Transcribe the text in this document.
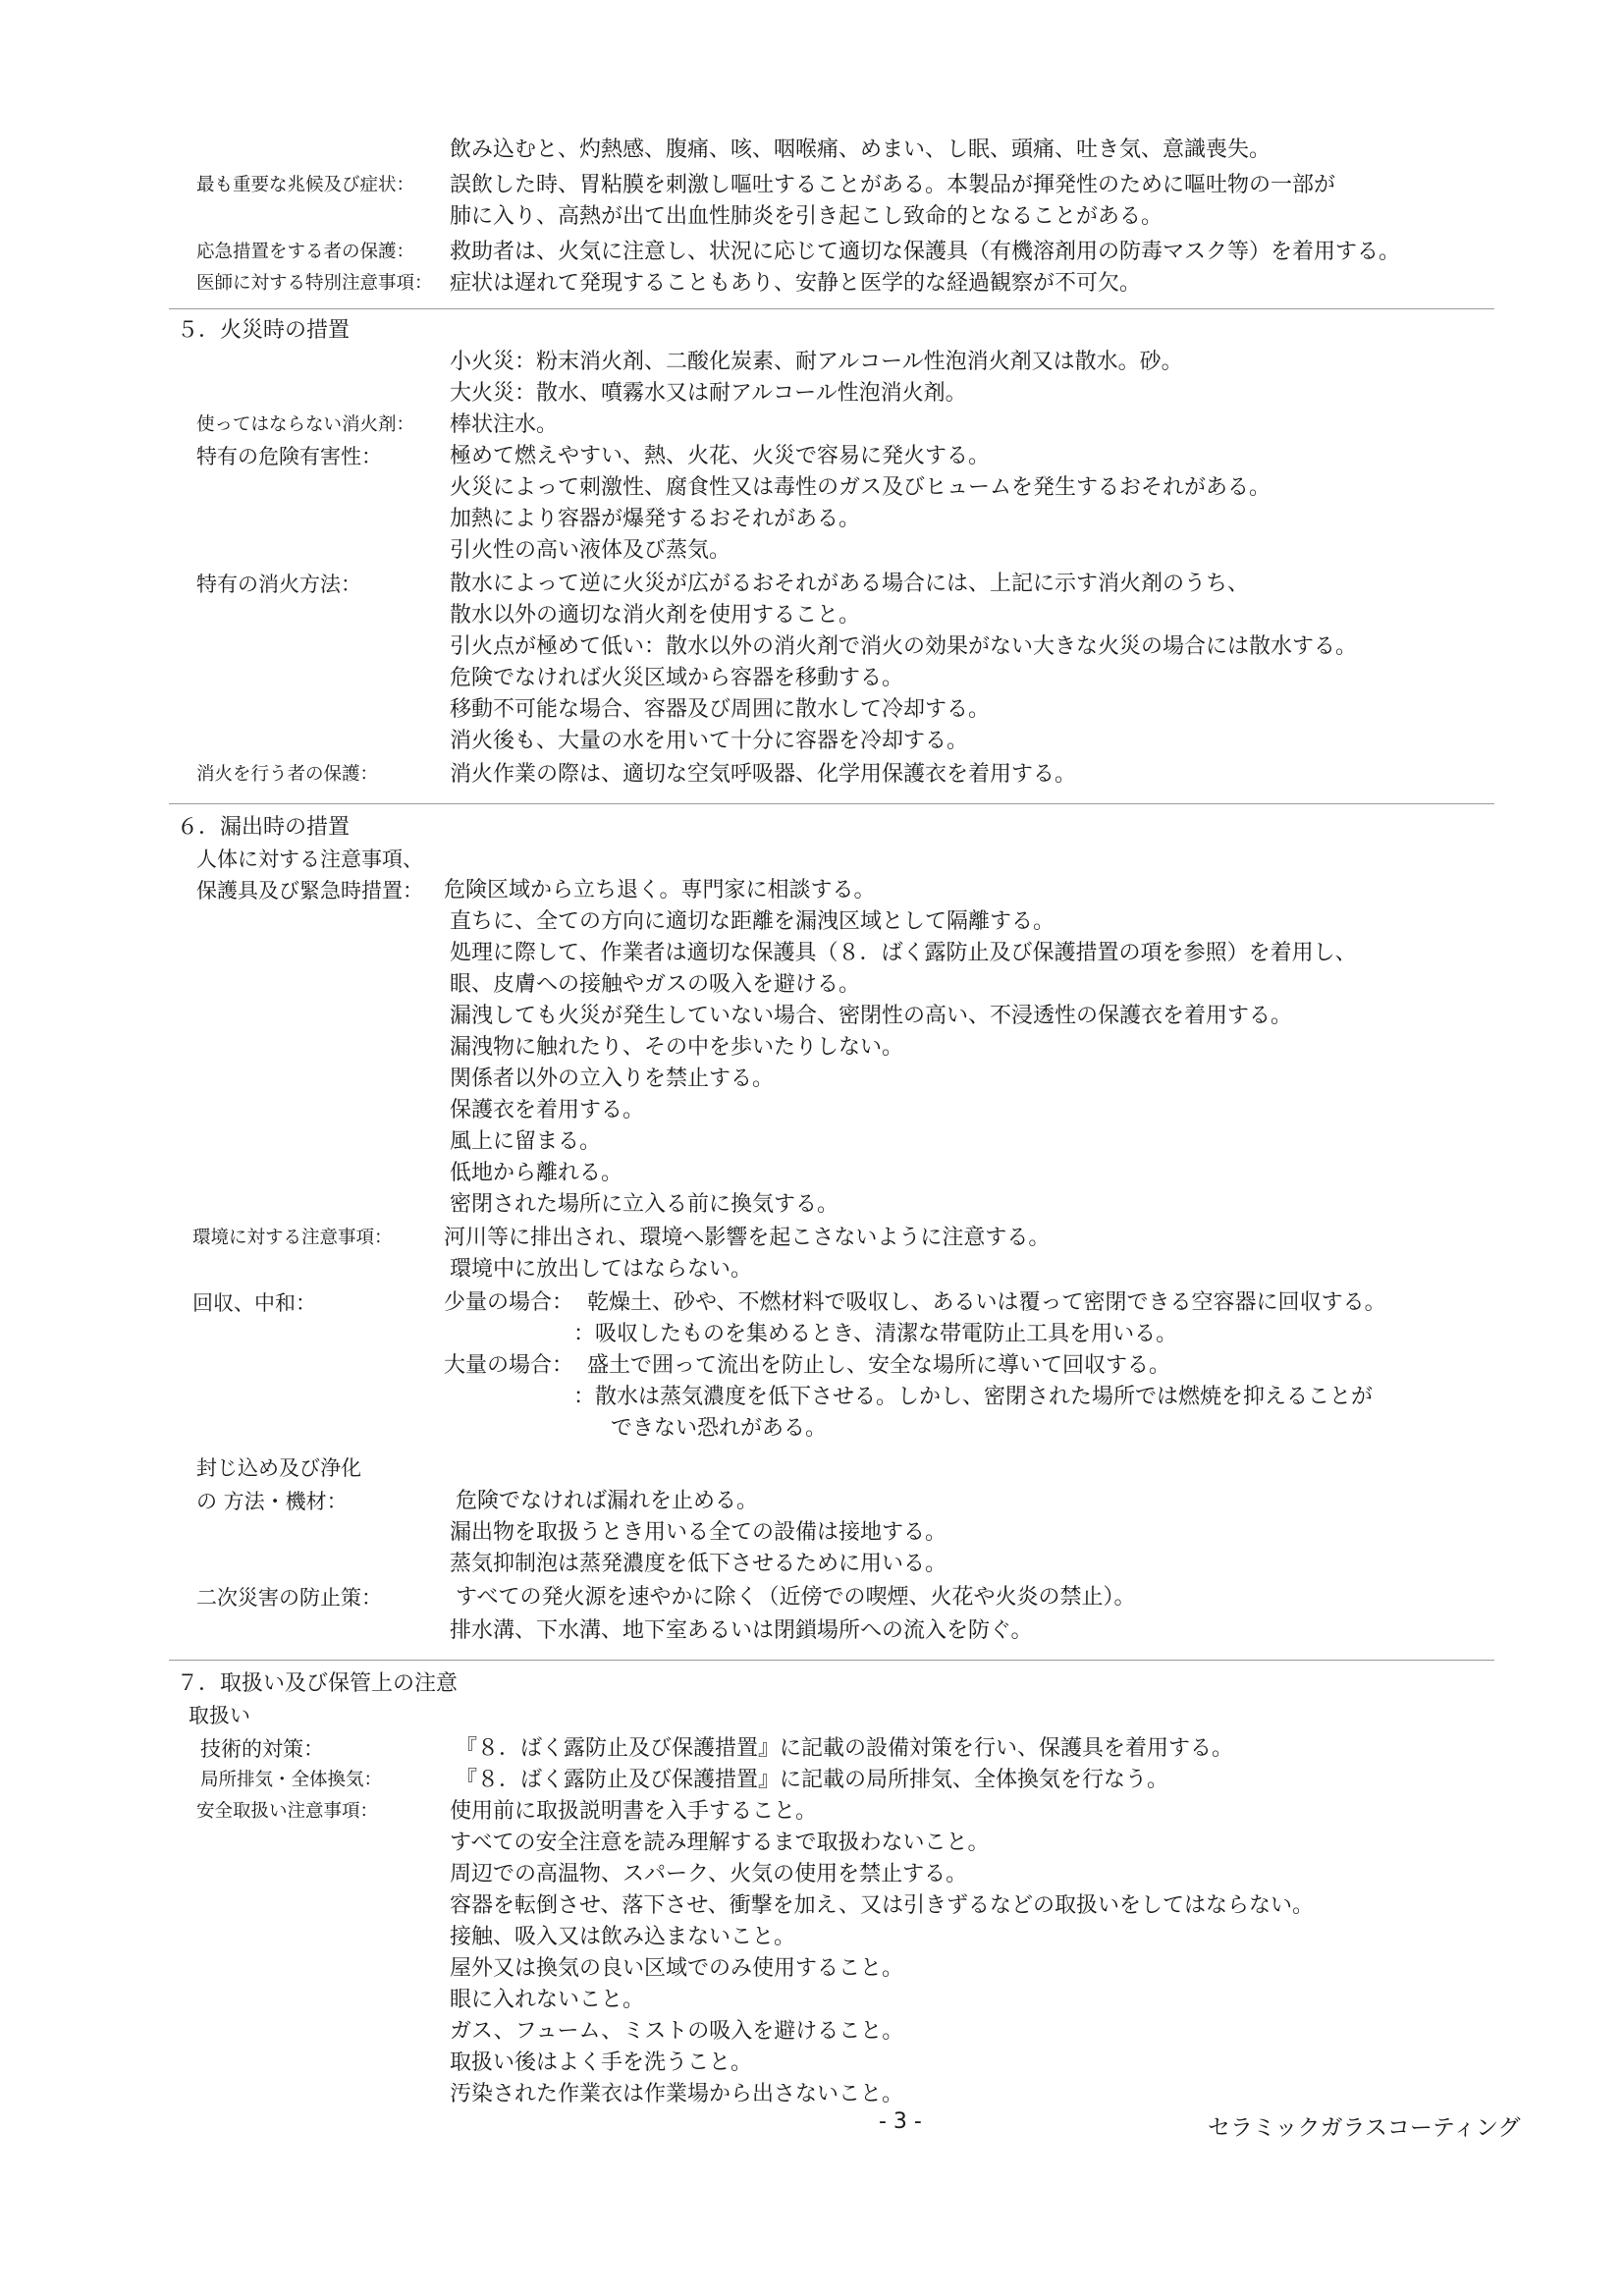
飲み込むと、灼熱感、腹痛、咳、咽喉痛、めまい、し眠、頭痛、吐き気、意識喪失。
最も重要な兆候及び症状： 誤飲した時、胃粘膜を刺激し嘔吐することがある。本製品が揮発性のために嘔吐物の一部が
肺に入り、高熱が出て出血性肺炎を引き起こし致命的となることがある。
応急措置をする者の保護： 救助者は、火気に注意し、状況に応じて適切な保護具（有機溶剤用の防毒マスク等）を着用する。
医師に対する特別注意事項： 症状は遅れて発現することもあり、安静と医学的な経過観察が不可欠。
５．火災時の措置
小火災：粉末消火剤、二酸化炭素、耐アルコール性泡消火剤又は散水。砂。
大火災：散水、噴霧水又は耐アルコール性泡消火剤。
使ってはならない消火剤： 棒状注水。
特有の危険有害性：	極めて燃えやすい、熱、火花、火災で容易に発火する。
火災によって刺激性、腐食性又は毒性のガス及びヒュームを発生するおそれがある。
加熱により容器が爆発するおそれがある。
引火性の高い液体及び蒸気。
特有の消火方法：	散水によって逆に火災が広がるおそれがある場合には、上記に示す消火剤のうち、
散水以外の適切な消火剤を使用すること。
引火点が極めて低い：散水以外の消火剤で消火の効果がない大きな火災の場合には散水する。
危険でなければ火災区域から容器を移動する。
移動不可能な場合、容器及び周囲に散水して冷却する。
消火後も、大量の水を用いて十分に容器を冷却する。
消火を行う者の保護：	消火作業の際は、適切な空気呼吸器、化学用保護衣を着用する。
６．漏出時の措置
人体に対する注意事項、
保護具及び緊急時措置： 危険区域から立ち退く。専門家に相談する。
直ちに、全ての方向に適切な距離を漏洩区域として隔離する。
処理に際して、作業者は適切な保護具（８．ばく露防止及び保護措置の項を参照）を着用し、
眼、皮膚への接触やガスの吸入を避ける。
漏洩しても火災が発生していない場合、密閉性の高い、不浸透性の保護衣を着用する。
漏洩物に触れたり、その中を歩いたりしない。
関係者以外の立入りを禁止する。
保護衣を着用する。
風上に留まる。
低地から離れる。
密閉された場所に立入る前に換気する。
環境に対する注意事項： 河川等に排出され、環境へ影響を起こさないように注意する。
環境中に放出してはならない。
回収、中和：	少量の場合： 乾燥土、砂や、不燃材料で吸収し、あるいは覆って密閉できる空容器に回収する。
：吸収したものを集めるとき、清潔な帯電防止工具を用いる。
大量の場合： 盛土で囲って流出を防止し、安全な場所に導いて回収する。
：散水は蒸気濃度を低下させる。しかし、密閉された場所では燃焼を抑えることが
できない恐れがある。
封じ込め及び浄化
の 方法・機材：	危険でなければ漏れを止める。
漏出物を取扱うとき用いる全ての設備は接地する。
蒸気抑制泡は蒸発濃度を低下させるために用いる。
二次災害の防止策：	すべての発火源を速やかに除く（近傍での喫煙、火花や火炎の禁止）。
排水溝、下水溝、地下室あるいは閉鎖場所への流入を防ぐ。
７．取扱い及び保管上の注意
取扱い
技術的対策：	『８．ばく露防止及び保護措置』に記載の設備対策を行い、保護具を着用する。
局所排気・全体換気：	『８．ばく露防止及び保護措置』に記載の局所排気、全体換気を行なう。
安全取扱い注意事項：	使用前に取扱説明書を入手すること。
すべての安全注意を読み理解するまで取扱わないこと。
周辺での高温物、スパーク、火気の使用を禁止する。
容器を転倒させ、落下させ、衝撃を加え、又は引きずるなどの取扱いをしてはならない。
接触、吸入又は飲み込まないこと。
屋外又は換気の良い区域でのみ使用すること。
眼に入れないこと。
ガス、フューム、ミストの吸入を避けること。
取扱い後はよく手を洗うこと。
汚染された作業衣は作業場から出さないこと。
- 3 -	セラミックガラスコーティング
